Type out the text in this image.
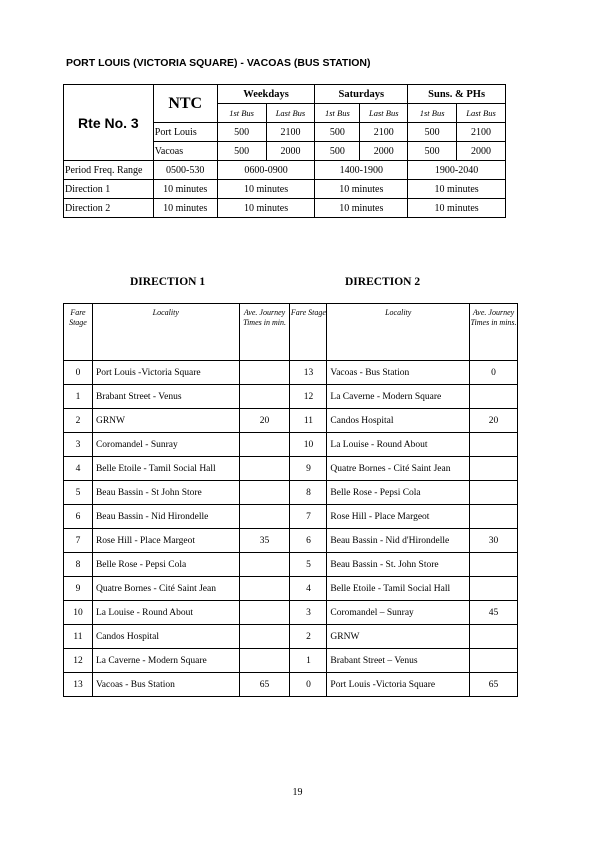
PORT LOUIS (VICTORIA SQUARE) - VACOAS (BUS STATION)
Rte No. 3	NTC	Weekdays		Saturdays		Suns. & PHs	
		1st Bus	Last Bus	1st Bus	Last Bus	1st Bus	Last Bus
	Port Louis	500	2100	500	2100	500	2100
	Vacoas	500	2000	500	2000	500	2000
Period Freq. Range	0500-530	0600-0900		1400-1900		1900-2040	
Direction 1	10 minutes	10 minutes		10 minutes		10 minutes	
Direction 2	10 minutes	10 minutes		10 minutes		10 minutes	
DIRECTION 1	DIRECTION 2
Fare Stage	Locality	Ave. Journey Times in min.	Fare Stage	Locality	Ave. Journey Times in mins.
0	Port Louis -Victoria Square		13	Vacoas - Bus Station	0
1	Brabant Street - Venus		12	La Caverne - Modern Square	
2	GRNW	20	11	Candos Hospital	20
3	Coromandel - Sunray		10	La Louise - Round About	
4	Belle Etoile - Tamil Social Hall		9	Quatre Bornes - Cité Saint Jean	
5	Beau Bassin - St John Store		8	Belle Rose - Pepsi Cola	
6	Beau Bassin - Nid Hirondelle		7	Rose Hill - Place Margeot	
7	Rose Hill - Place Margeot	35	6	Beau Bassin - Nid d'Hirondelle	30
8	Belle Rose - Pepsi Cola		5	Beau Bassin - St. John Store	
9	Quatre Bornes - Cité Saint Jean		4	Belle Etoile - Tamil Social Hall	
10	La Louise - Round About		3	Coromandel – Sunray	45
11	Candos Hospital		2	GRNW	
12	La Caverne - Modern Square		1	Brabant Street – Venus	
13	Vacoas - Bus Station	65	0	Port Louis -Victoria Square	65
19
